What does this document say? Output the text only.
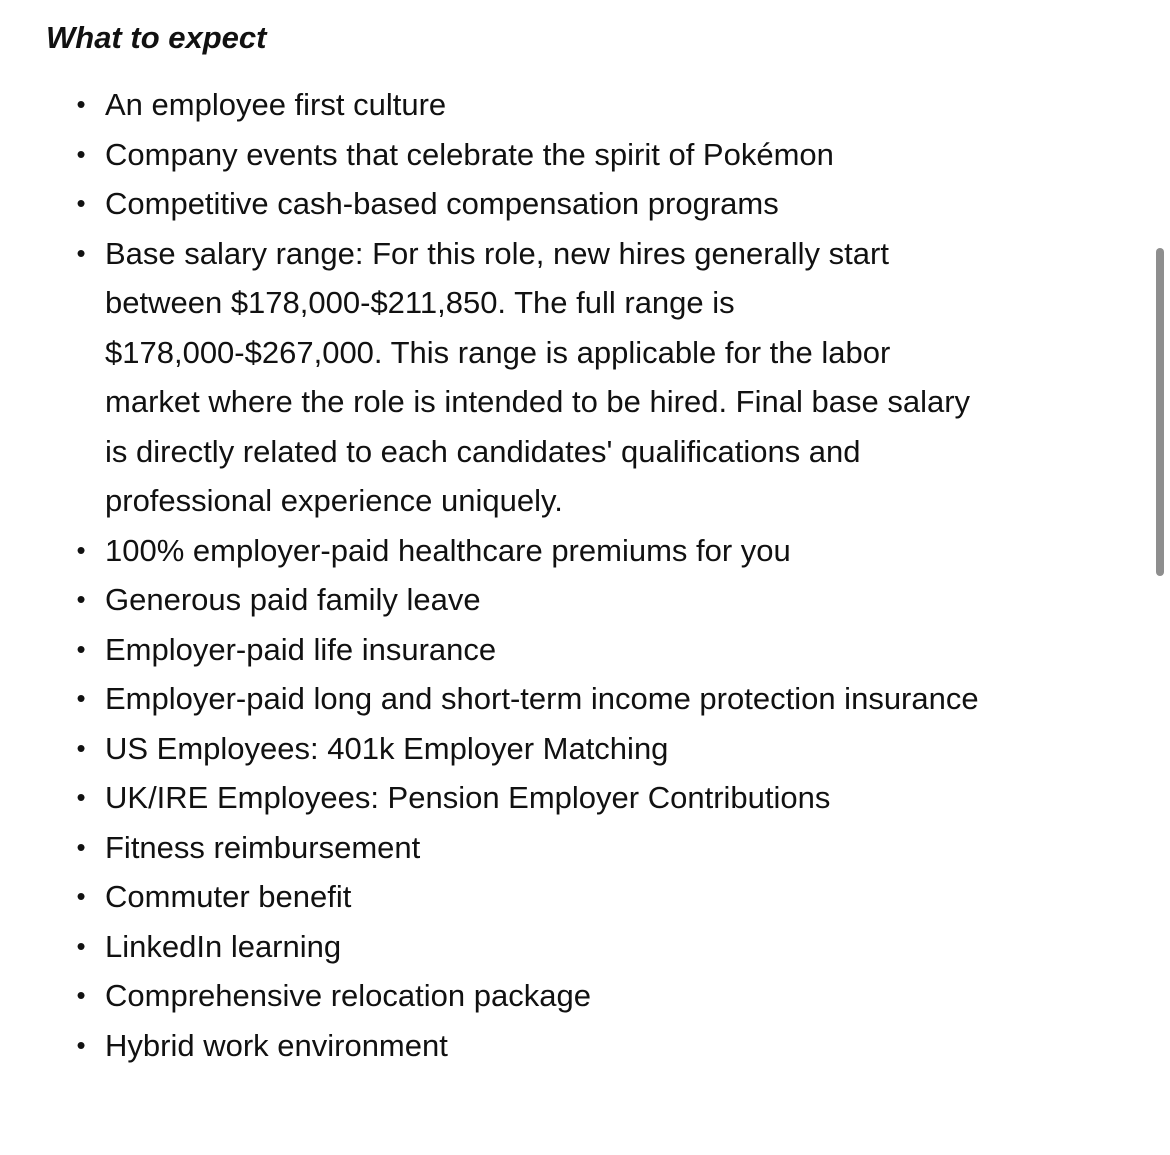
What to expect
• An employee first culture
• Company events that celebrate the spirit of Pokémon
• Competitive cash-based compensation programs
• Base salary range: For this role, new hires generally start between $178,000-$211,850. The full range is $178,000-$267,000. This range is applicable for the labor market where the role is intended to be hired. Final base salary is directly related to each candidates' qualifications and professional experience uniquely.
• 100% employer-paid healthcare premiums for you
• Generous paid family leave
• Employer-paid life insurance
• Employer-paid long and short-term income protection insurance
• US Employees: 401k Employer Matching
• UK/IRE Employees: Pension Employer Contributions
• Fitness reimbursement
• Commuter benefit
• LinkedIn learning
• Comprehensive relocation package
• Hybrid work environment
